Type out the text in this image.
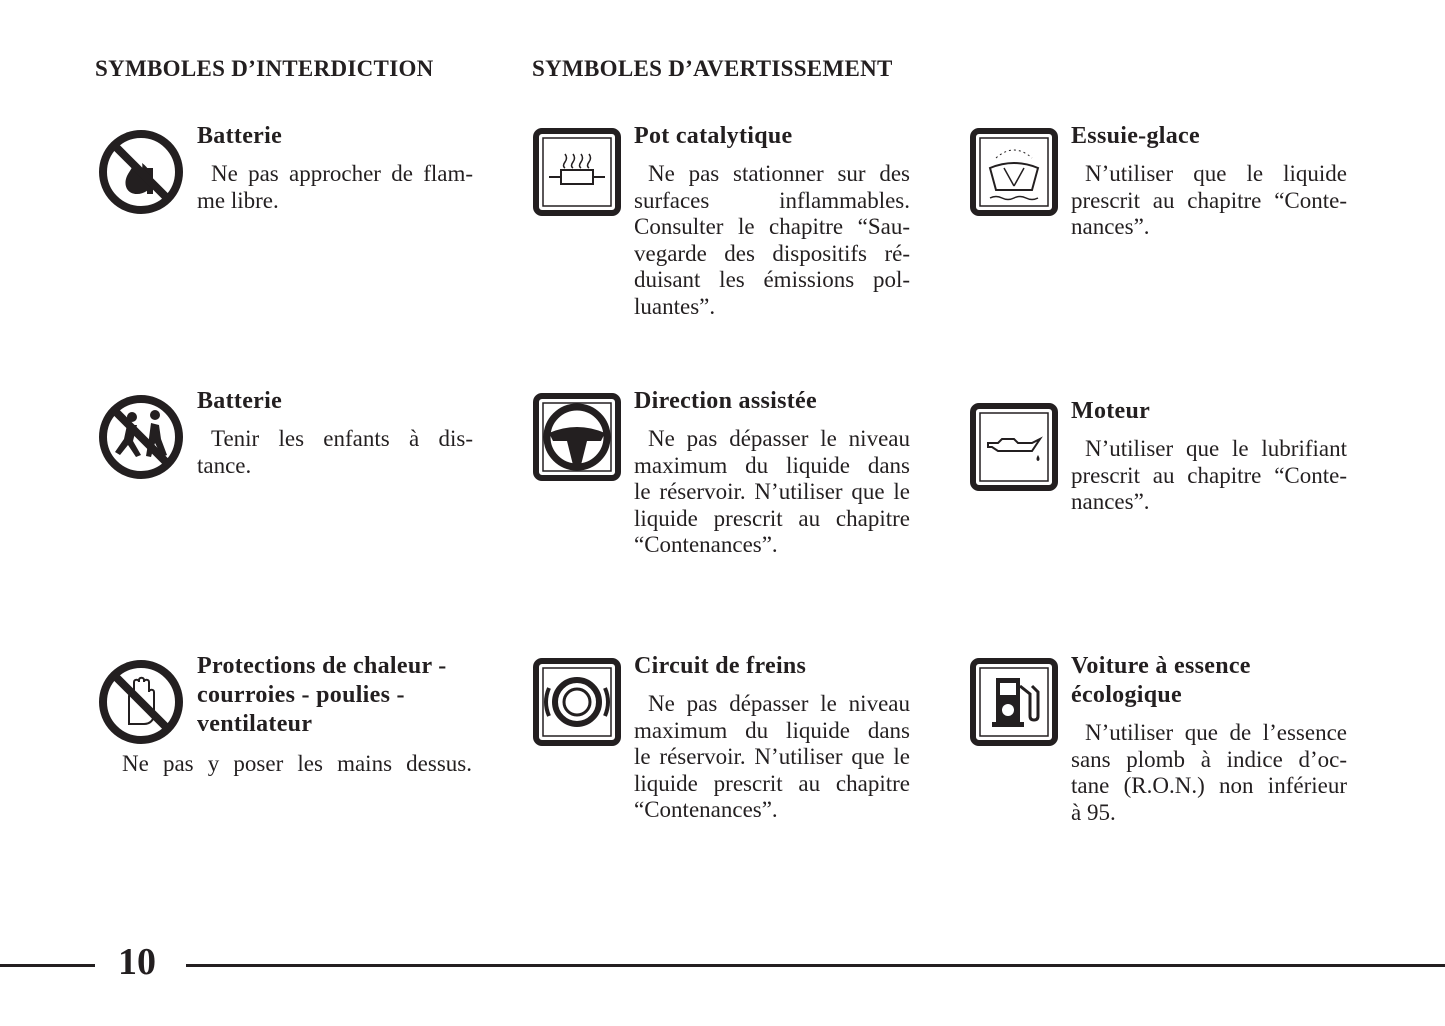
SYMBOLES D’INTERDICTION	SYMBOLES D’AVERTISSEMENT
Batterie
Ne pas approcher de flam-
me libre.
Batterie
Tenir les enfants à dis-
tance.
Protections de chaleur -
courroies - poulies -
ventilateur
Ne pas y poser les mains dessus.
Pot catalytique
Ne pas stationner sur des
surfaces inflammables.
Consulter le chapitre “Sau-
vegarde des dispositifs ré-
duisant les émissions pol-
luantes”.
Direction assistée
Ne pas dépasser le niveau
maximum du liquide dans
le réservoir. N’utiliser que le
liquide prescrit au chapitre
“Contenances”.
Circuit de freins
Ne pas dépasser le niveau
maximum du liquide dans
le réservoir. N’utiliser que le
liquide prescrit au chapitre
“Contenances”.
Essuie-glace
N’utiliser que le liquide
prescrit au chapitre “Conte-
nances”.
Moteur
N’utiliser que le lubrifiant
prescrit au chapitre “Conte-
nances”.
Voiture à essence
écologique
N’utiliser que de l’essence
sans plomb à indice d’oc-
tane (R.O.N.) non inférieur
à 95.
10
